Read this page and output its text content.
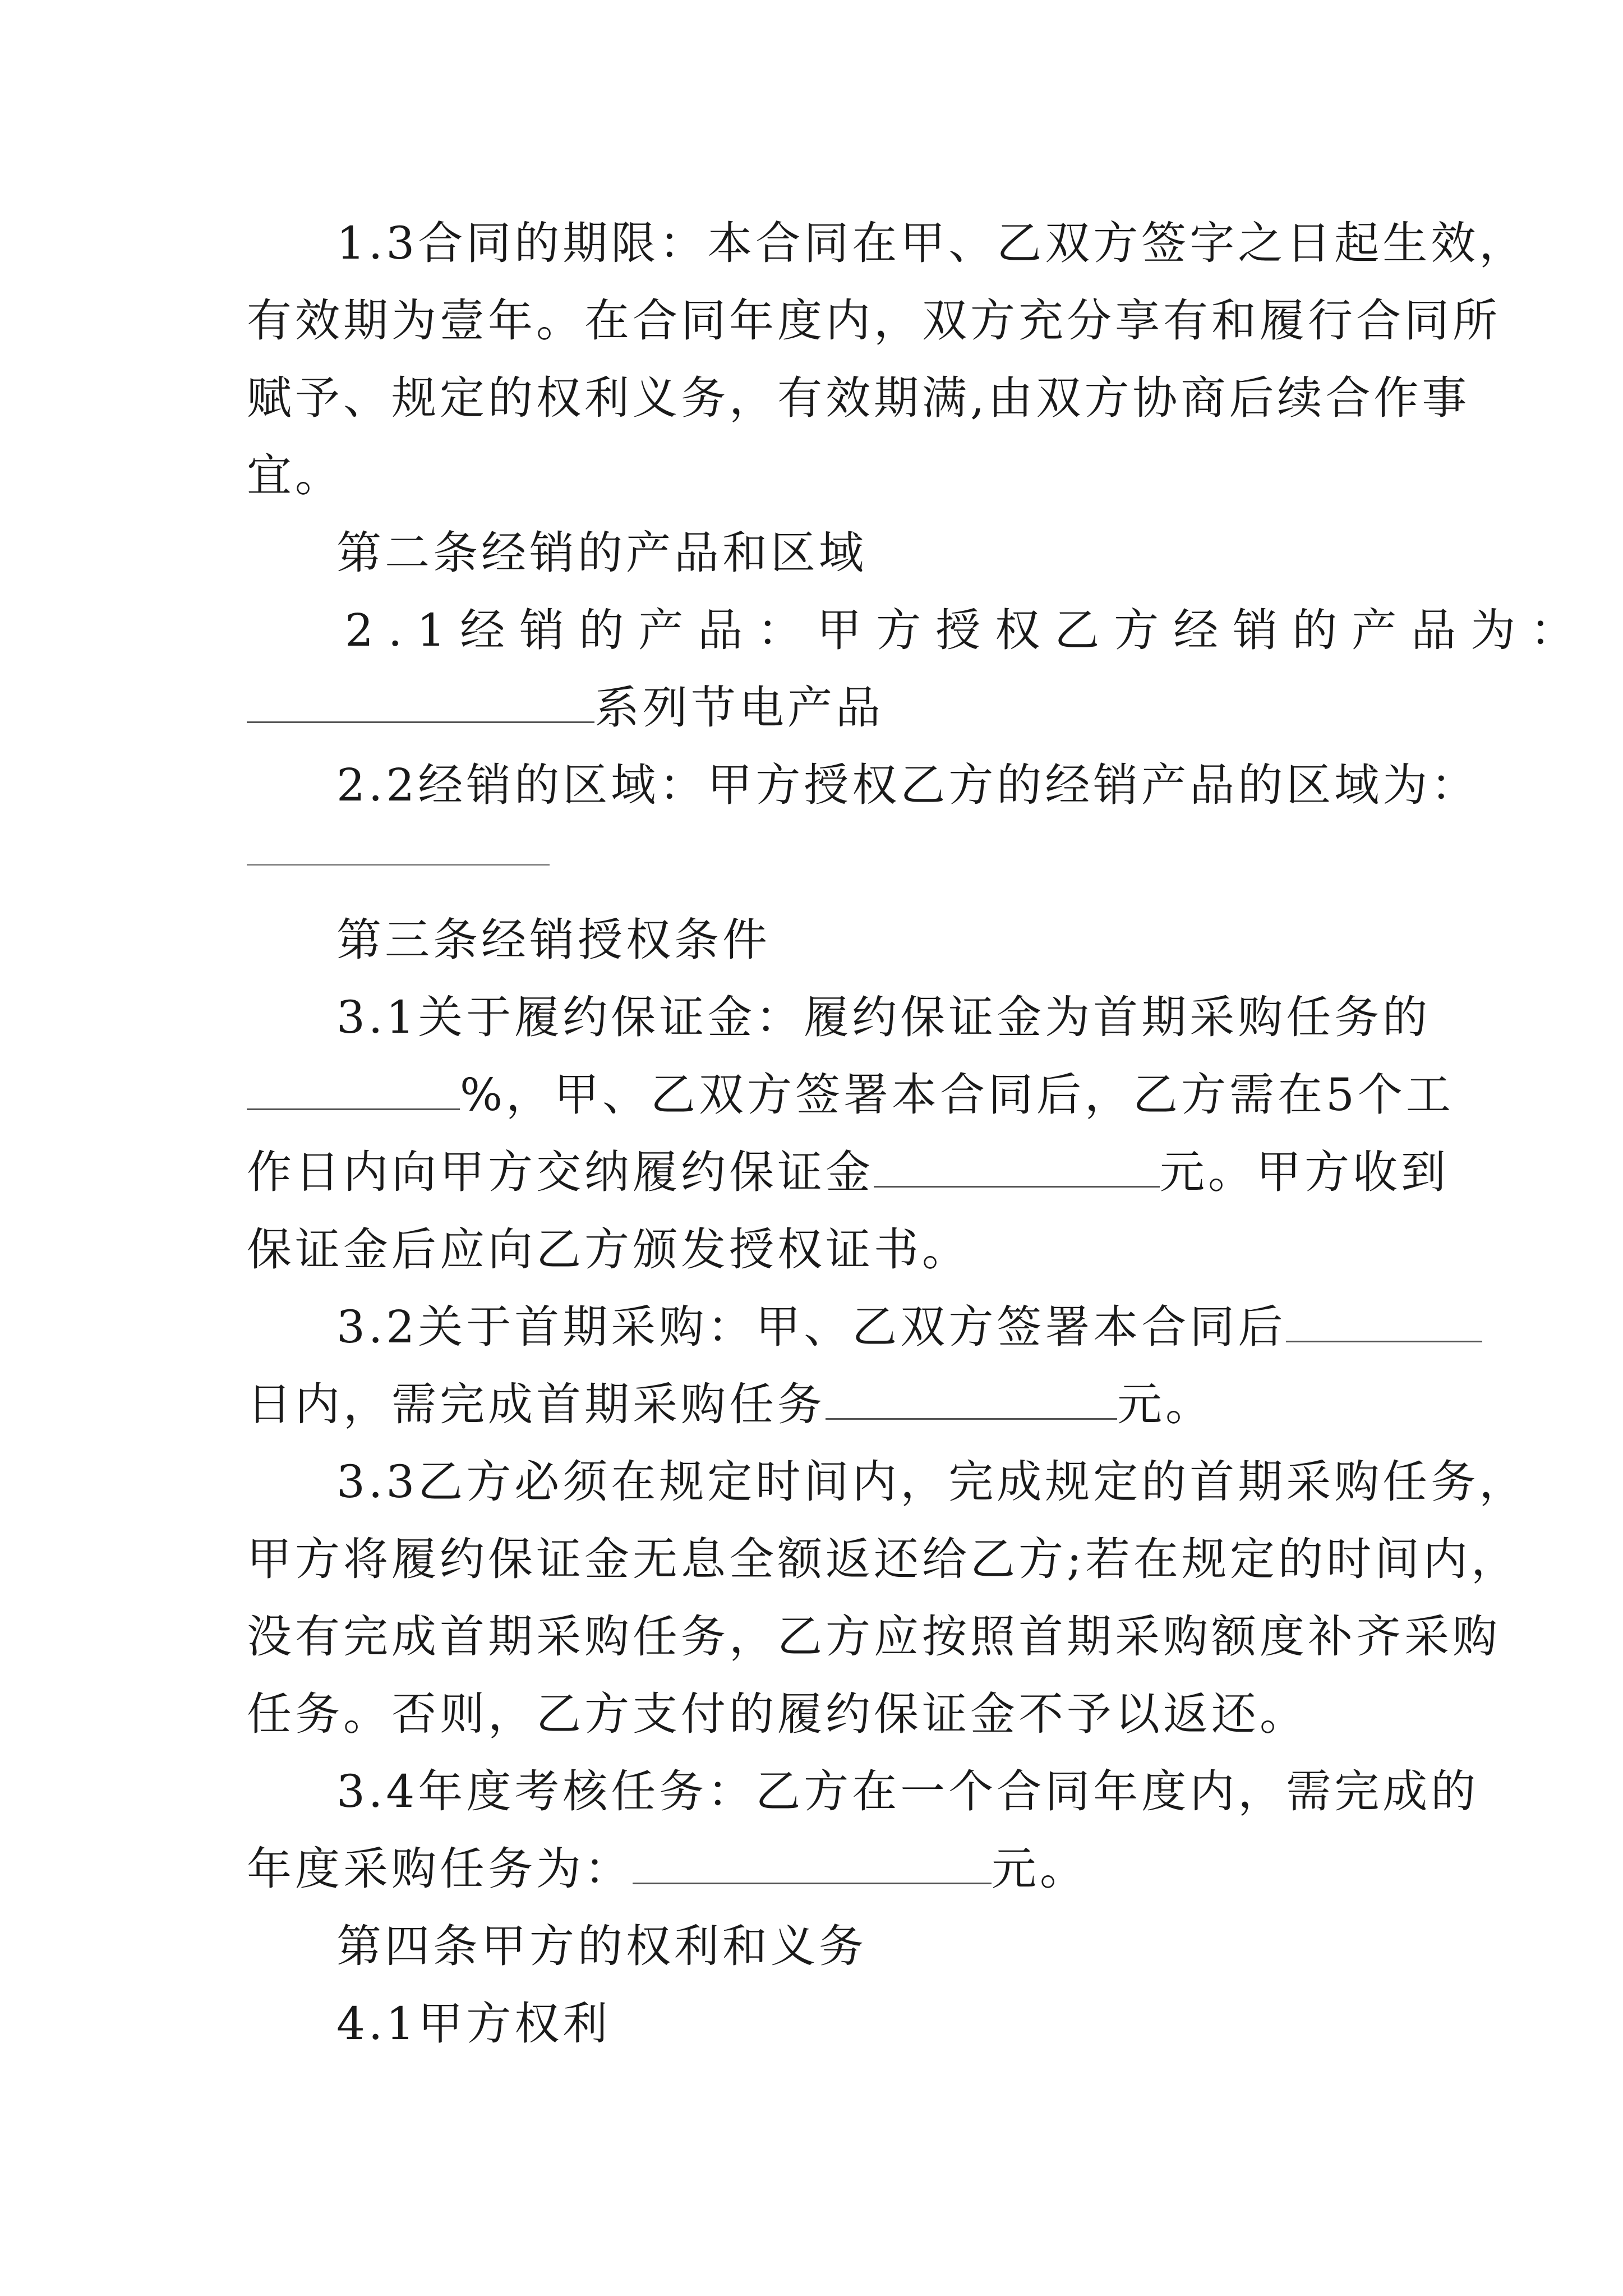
1.3合同的期限：本合同在甲、乙双方签字之日起生效，
有效期为壹年。在合同年度内，双方充分享有和履行合同所
赋予、规定的权利义务，有效期满,由双方协商后续合作事
宜。
第二条经销的产品和区域
2.1经销的产品：甲方授权乙方经销的产品为：
系列节电产品
2.2经销的区域：甲方授权乙方的经销产品的区域为：
第三条经销授权条件
3.1关于履约保证金：履约保证金为首期采购任务的
%，甲、乙双方签署本合同后，乙方需在5个工
作日内向甲方交纳履约保证金	元。甲方收到
保证金后应向乙方颁发授权证书。
3.2关于首期采购：甲、乙双方签署本合同后
日内，需完成首期采购任务	元。
3.3乙方必须在规定时间内，完成规定的首期采购任务，
甲方将履约保证金无息全额返还给乙方;若在规定的时间内，
没有完成首期采购任务，乙方应按照首期采购额度补齐采购
任务。否则，乙方支付的履约保证金不予以返还。
3.4年度考核任务：乙方在一个合同年度内，需完成的
年度采购任务为：	元。
第四条甲方的权利和义务
4.1甲方权利
